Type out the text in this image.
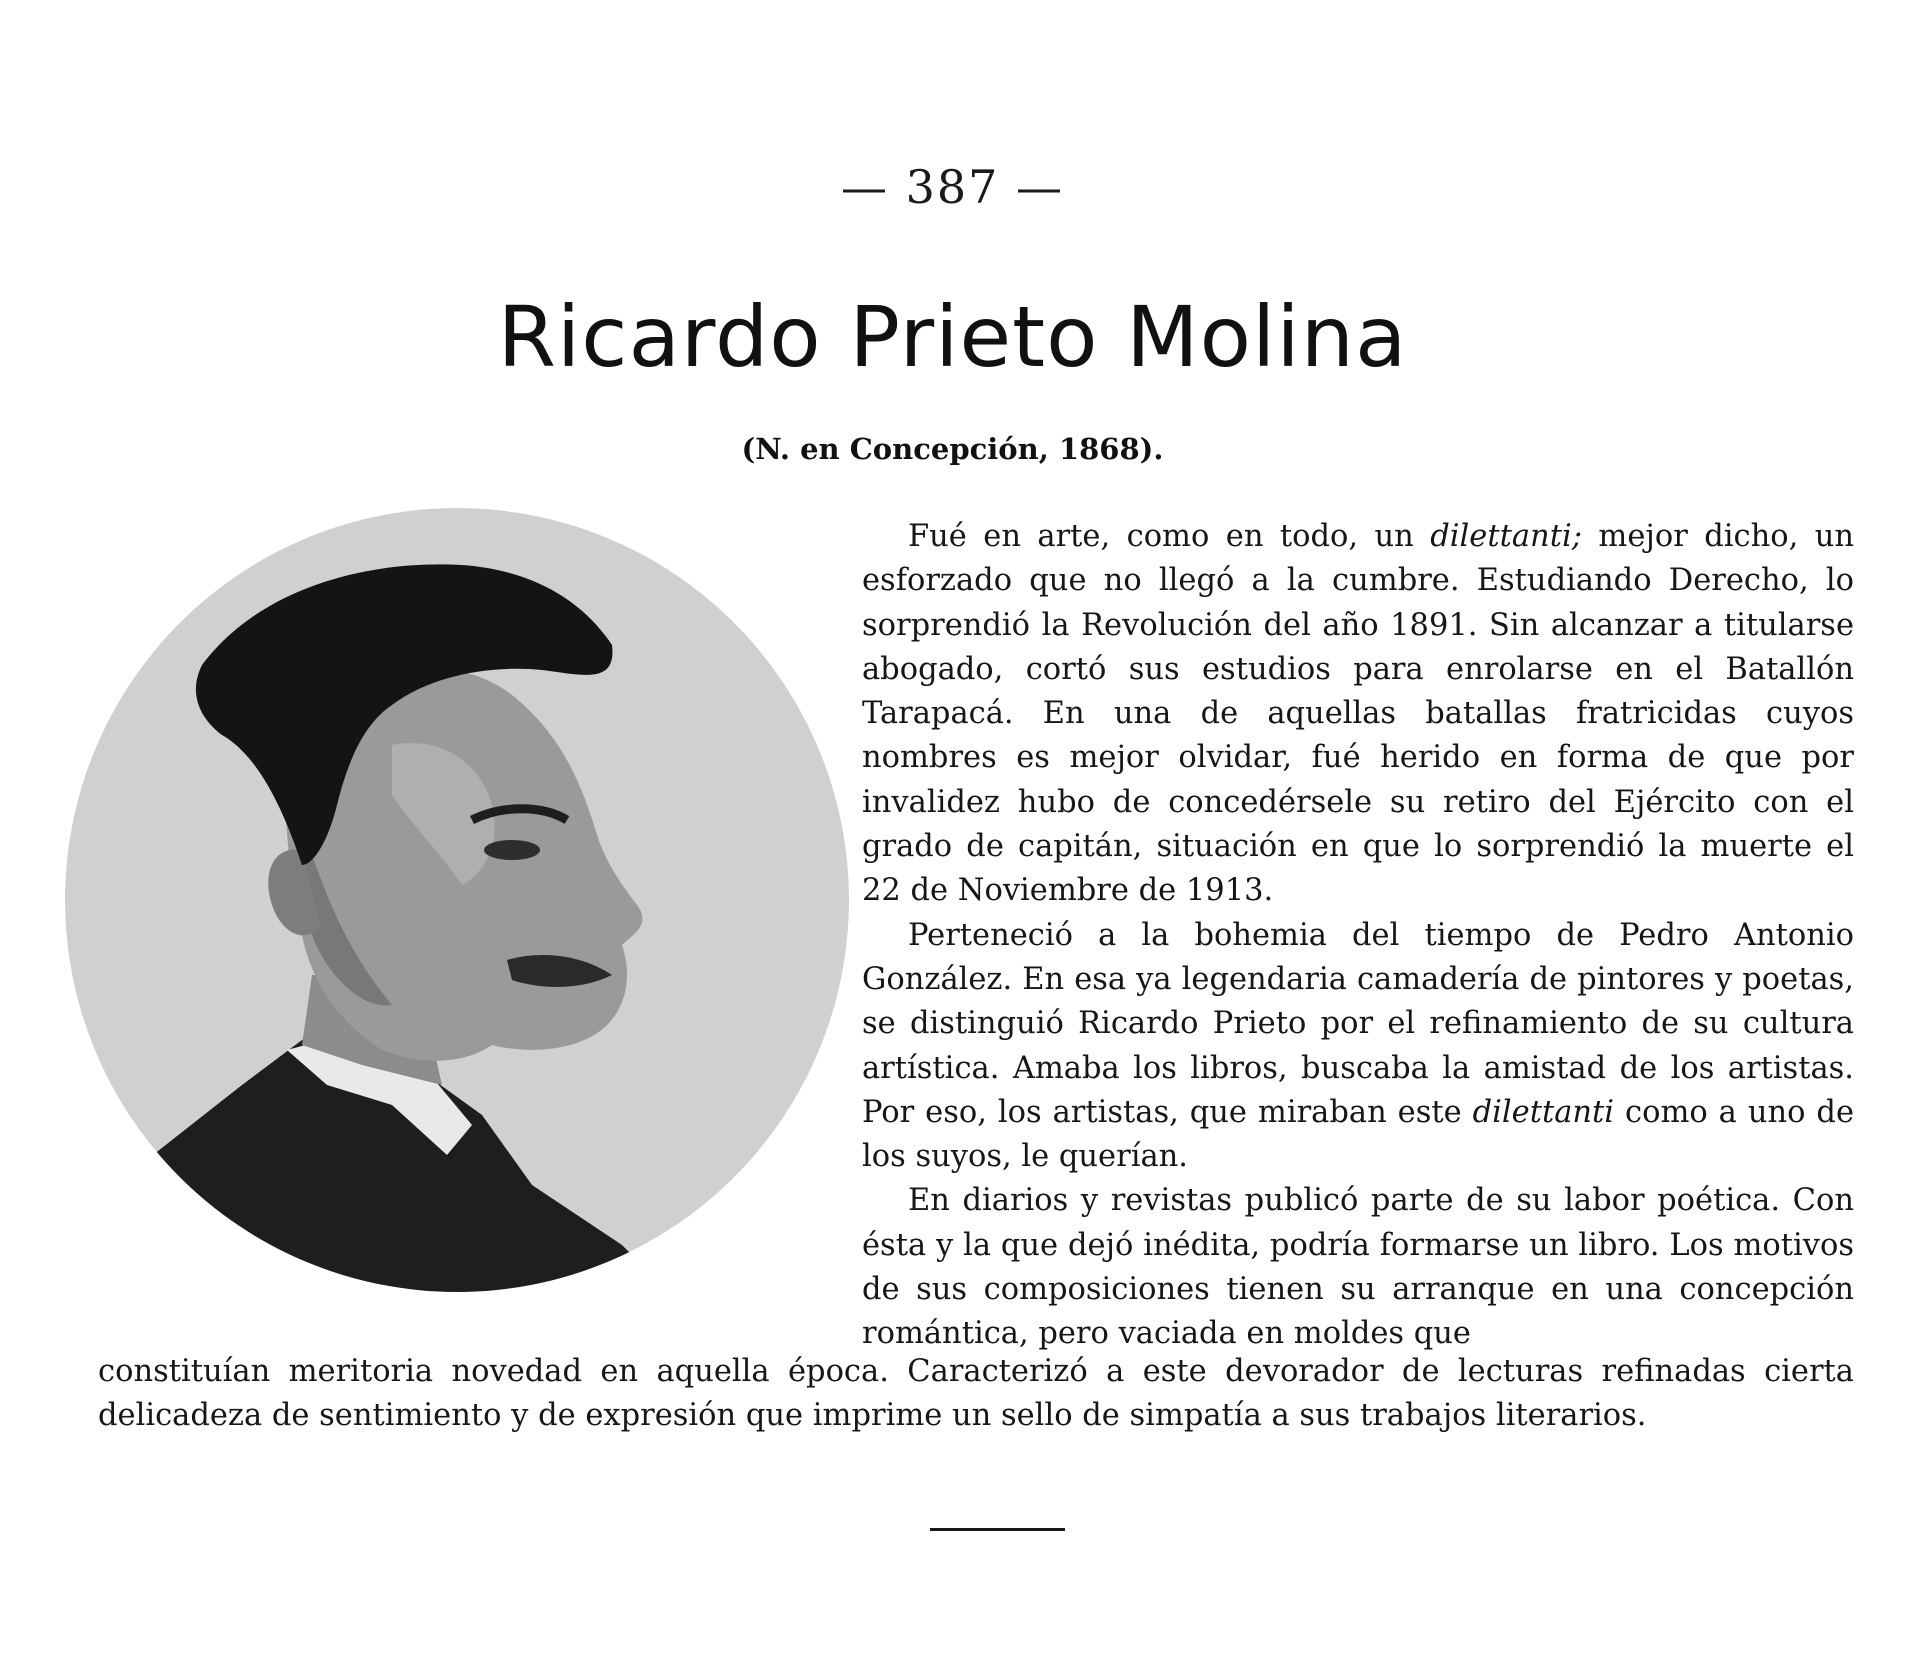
— 387 —
Ricardo Prieto Molina
(N. en Concepción, 1868).

Fué en arte, como en todo, un dilettanti; mejor dicho, un esforzado que no llegó a la cumbre. Estudiando Derecho, lo sorprendió la Revolución del año 1891. Sin alcanzar a titularse abogado, cortó sus estudios para enrolarse en el Batallón Tarapacá. En una de aquellas batallas fratricidas cuyos nombres es mejor olvidar, fué herido en forma de que por invalidez hubo de concedérsele su retiro del Ejército con el grado de capitán, situación en que lo sorprendió la muerte el 22 de Noviembre de 1913.

Perteneció a la bohemia del tiempo de Pedro Antonio González. En esa ya legendaria camadería de pintores y poetas, se distinguió Ricardo Prieto por el refinamiento de su cultura artística. Amaba los libros, buscaba la amistad de los artistas. Por eso, los artistas, que miraban este dilettanti como a uno de los suyos, le querían.

En diarios y revistas publicó parte de su labor poética. Con ésta y la que dejó inédita, podría formarse un libro. Los motivos de sus composiciones tienen su arranque en una concepción romántica, pero vaciada en moldes que

constituían meritoria novedad en aquella época. Caracterizó a este devorador de lecturas refinadas cierta delicadeza de sentimiento y de expresión que imprime un sello de simpatía a sus trabajos literarios.
